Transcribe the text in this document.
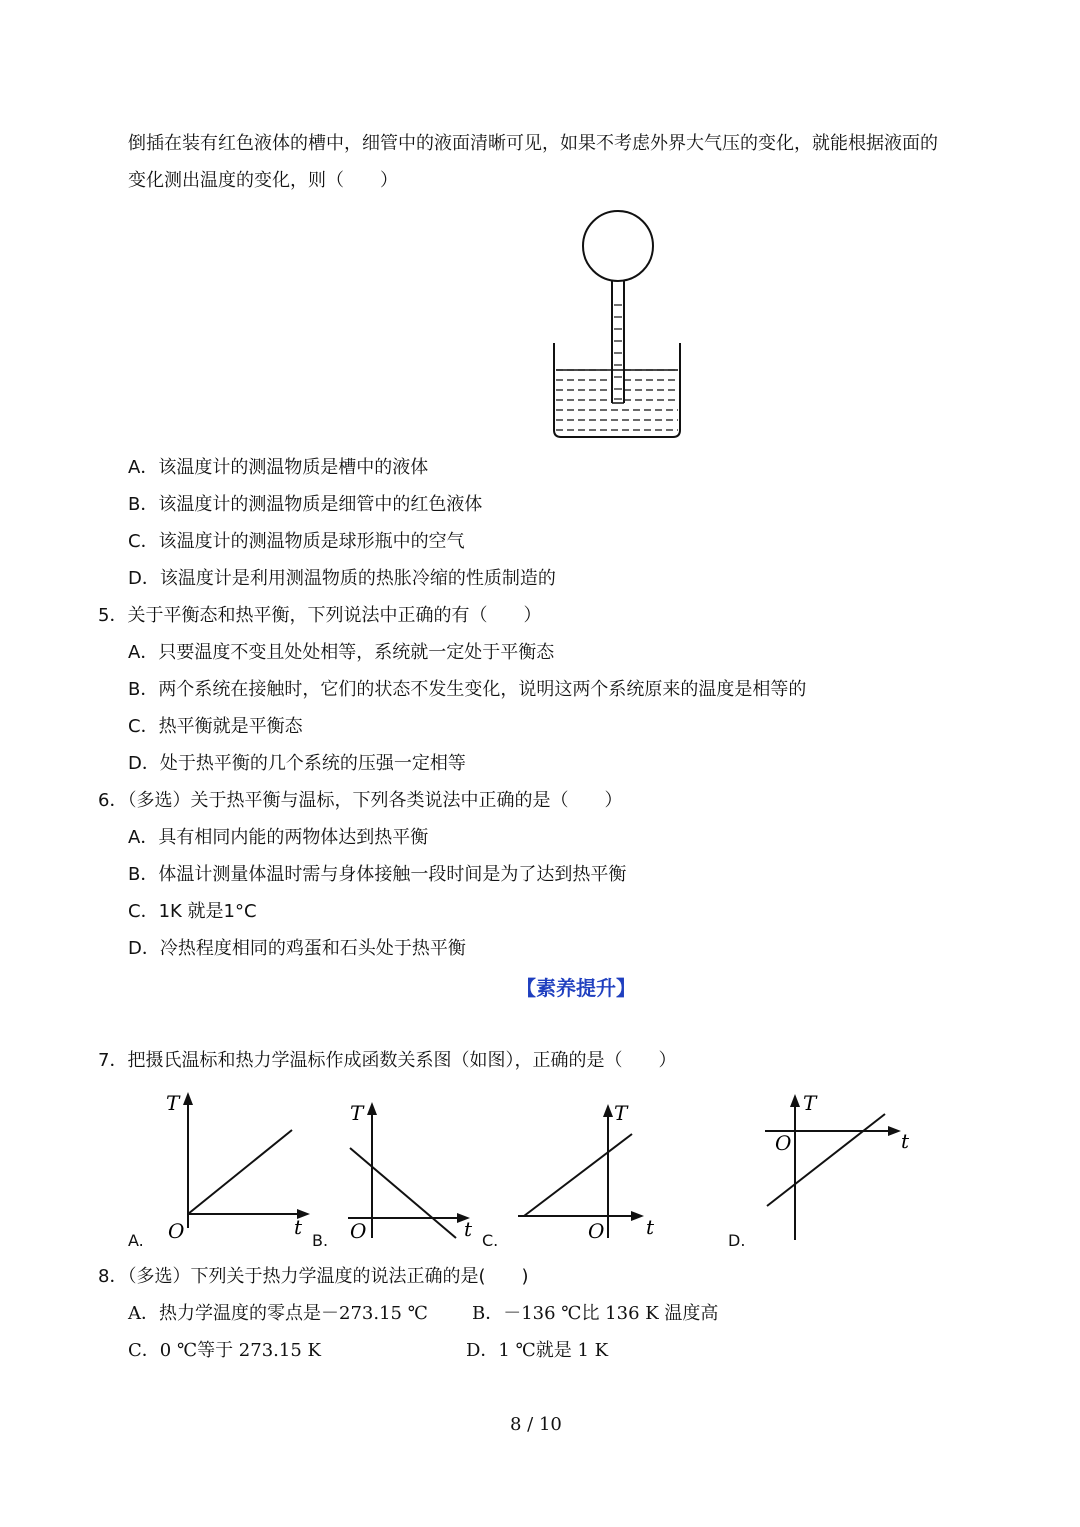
倒插在装有红色液体的槽中，细管中的液面清晰可见，如果不考虑外界大气压的变化，就能根据液面的
变化测出温度的变化，则（　　）
A．该温度计的测温物质是槽中的液体
B．该温度计的测温物质是细管中的红色液体
C．该温度计的测温物质是球形瓶中的空气
D．该温度计是利用测温物质的热胀冷缩的性质制造的
5．关于平衡态和热平衡，下列说法中正确的有（　　）
A．只要温度不变且处处相等，系统就一定处于平衡态
B．两个系统在接触时，它们的状态不发生变化，说明这两个系统原来的温度是相等的
C．热平衡就是平衡态
D．处于热平衡的几个系统的压强一定相等
6．（多选）关于热平衡与温标，下列各类说法中正确的是（　　）
A．具有相同内能的两物体达到热平衡
B．体温计测量体温时需与身体接触一段时间是为了达到热平衡
C．1K 就是1°C
D．冷热程度相同的鸡蛋和石头处于热平衡
【素养提升】
7．把摄氏温标和热力学温标作成函数关系图（如图），正确的是（　　）
T
t
O
A.
T
t
O
B.
T
t
O
C.
T
t
O
D.
8．（多选）下列关于热力学温度的说法正确的是(　　)
A．热力学温度的零点是－273.15 ℃ B．－136 ℃比 136 K 温度高
C．0 ℃等于 273.15 K	D．1 ℃就是 1 K
8 / 10
